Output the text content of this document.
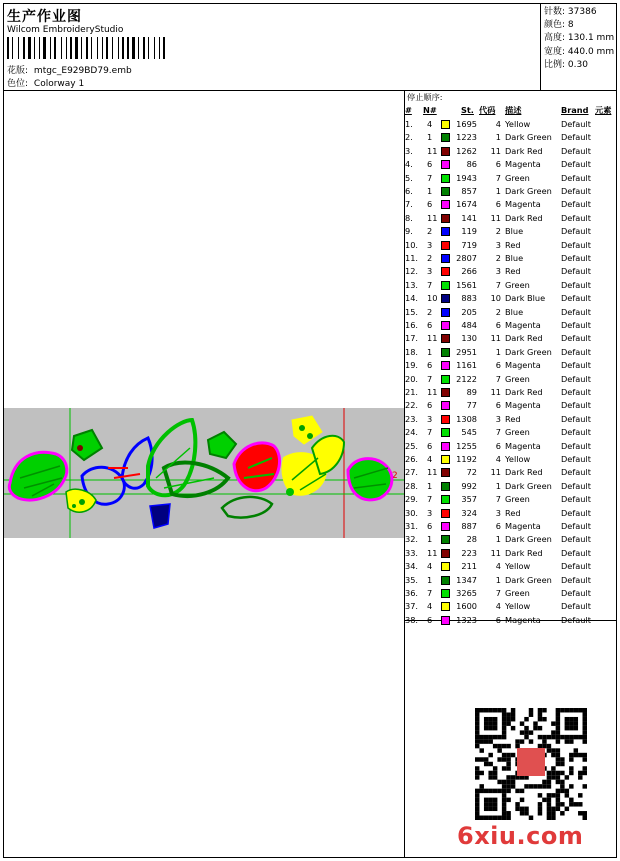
生产作业图
Wilcom EmbroideryStudio
花版: mtgc_E929BD79.emb
色位: Colorway 1
针数: 37386
颜色: 8
高度: 130.1 mm
宽度: 440.0 mm
比例: 0.30
2
停止顺序:
# N#	St. 代码 描述	Brand 元素
1. 4	1695 4 Yellow	Default
2. 1	1223 1 Dark Green Default
3. 11 1262 11 Dark Red Default
4. 6	86 6 Magenta Default
5. 7	1943 7 Green	Default
6. 1	857 1 Dark Green Default
7. 6	1674 6 Magenta Default
8. 11	141 11 Dark Red Default
9. 2	119 2 Blue	Default
10. 3	719 3 Red	Default
11. 2	2807 2 Blue	Default
12. 3	266 3 Red	Default
13. 7	1561 7 Green	Default
14. 10	883 10 Dark Blue Default
15. 2	205 2 Blue	Default
16. 6	484 6 Magenta Default
17. 11	130 11 Dark Red Default
18. 1	2951 1 Dark Green Default
19. 6	1161 6 Magenta Default
20. 7	2122 7 Green	Default
21. 11	89 11 Dark Red Default
22. 6	77 6 Magenta Default
23. 3	1308 3 Red	Default
24. 7	545 7 Green	Default
25. 6	1255 6 Magenta Default
26. 4	1192 4 Yellow	Default
27. 11	72 11 Dark Red Default
28. 1	992 1 Dark Green Default
29. 7	357 7 Green	Default
30. 3	324 3 Red	Default
31. 6	887 6 Magenta Default
32. 1	28 1 Dark Green Default
33. 11	223 11 Dark Red Default
34. 4	211 4 Yellow	Default
35. 1	1347 1 Dark Green Default
36. 7	3265 7 Green	Default
37. 4	1600 4 Yellow	Default
38. 6	1323 6 Magenta Default
6xiu.com
